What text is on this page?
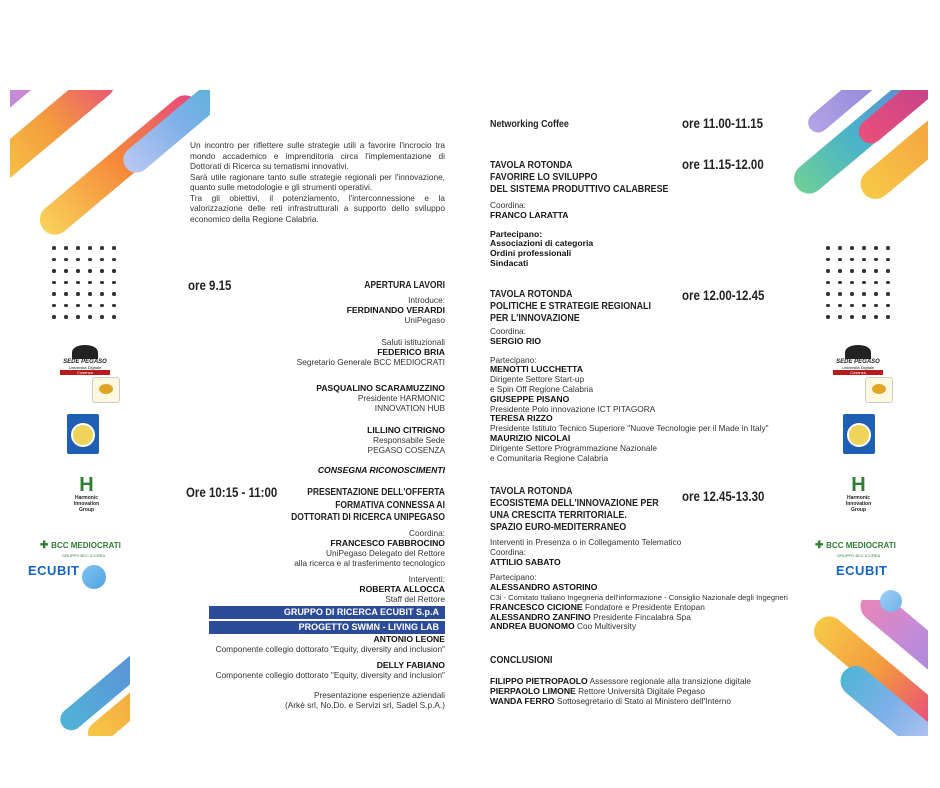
SEDE PEGASO
Università Digitale
Cosenza
H
Harmonic
Innovation
Group
✚ BCC MEDIOCRATI
GRUPPO BCC ICCREA
ECUBIT
SEDE PEGASO
Università Digitale
Cosenza
H
Harmonic
Innovation
Group
✚ BCC MEDIOCRATI
GRUPPO BCC ICCREA
ECUBIT

Un incontro per riflettere sulle strategie utili a favorire l'incrocio tra mondo accademico e imprenditoria circa l'implementazione di Dottorati di Ricerca su tematismi innovativi.

Sarà utile ragionare tanto sulle strategie regionali per l'innovazione, quanto sulle metodologie e gli strumenti operativi.

Tra gli obiettivi, il potenziamento, l'interconnessione e la valorizzazione delle reti infrastrutturali a supporto dello sviluppo economico della Regione Calabria.

ore 9.15	APERTURA LAVORI
Introduce:
FERDINANDO VERARDI
UniPegaso
Saluti istituzionali
FEDERICO BRIA
Segretario Generale BCC MEDIOCRATI
PASQUALINO SCARAMUZZINO
Presidente HARMONIC
INNOVATION HUB
LILLINO CITRIGNO
Responsabile Sede
PEGASO COSENZA
CONSEGNA RICONOSCIMENTI
Ore 10:15 - 11:00	PRESENTAZIONE DELL'OFFERTA
FORMATIVA CONNESSA AI
DOTTORATI DI RICERCA UNIPEGASO
Coordina:
FRANCESCO FABBROCINO
UniPegaso Delegato del Rettore
alla ricerca e al trasferimento tecnologico
Interventi:
ROBERTA ALLOCCA
Staff del Rettore
GRUPPO DI RICERCA ECUBIT S.p.A
PROGETTO SWMN - LIVING LAB
ANTONIO LEONE
Componente collegio dottorato "Equity, diversity and inclusion"
DELLY FABIANO
Componente collegio dottorato "Equity, diversity and inclusion"
Presentazione esperienze aziendali
(Arkè srl, No.Do. e Servizi srl, Sadel S.p.A.)
Networking Coffee	ore 11.00-11.15
ore 11.15-12.00
TAVOLA ROTONDA
FAVORIRE LO SVILUPPO
DEL SISTEMA PRODUTTIVO CALABRESE
Coordina:
FRANCO LARATTA
Partecipano:
Associazioni di categoria
Ordini professionali
Sindacati
ore 12.00-12.45
TAVOLA ROTONDA
POLITICHE E STRATEGIE REGIONALI
PER L'INNOVAZIONE
Coordina:
SERGIO RIO
Partecipano:
MENOTTI LUCCHETTA
Dirigente Settore Start-up
e Spin Off Regione Calabria
GIUSEPPE PISANO
Presidente Polo innovazione ICT PITAGORA
TERESA RIZZO
Presidente Istituto Tecnico Superiore "Nuove Tecnologie per il Made in Italy"
MAURIZIO NICOLAI
Dirigente Settore Programmazione Nazionale
e Comunitaria Regione Calabria
ore 12.45-13.30
TAVOLA ROTONDA
ECOSISTEMA DELL'INNOVAZIONE PER
UNA CRESCITA TERRITORIALE.
SPAZIO EURO-MEDITERRANEO
Interventi in Presenza o in Collegamento Telematico
Coordina:
ATTILIO SABATO
Partecipano:
ALESSANDRO ASTORINO
C3i - Comitato Italiano Ingegneria dell'informazione - Consiglio Nazionale degli Ingegneri
FRANCESCO CICIONE Fondatore e Presidente Entopan
ALESSANDRO ZANFINO Presidente Fincalabra Spa
ANDREA BUONOMO Coo Multiversity
CONCLUSIONI
FILIPPO PIETROPAOLO Assessore regionale alla transizione digitale
PIERPAOLO LIMONE Rettore Università Digitale Pegaso
WANDA FERRO Sottosegretario di Stato al Ministero dell'Interno
